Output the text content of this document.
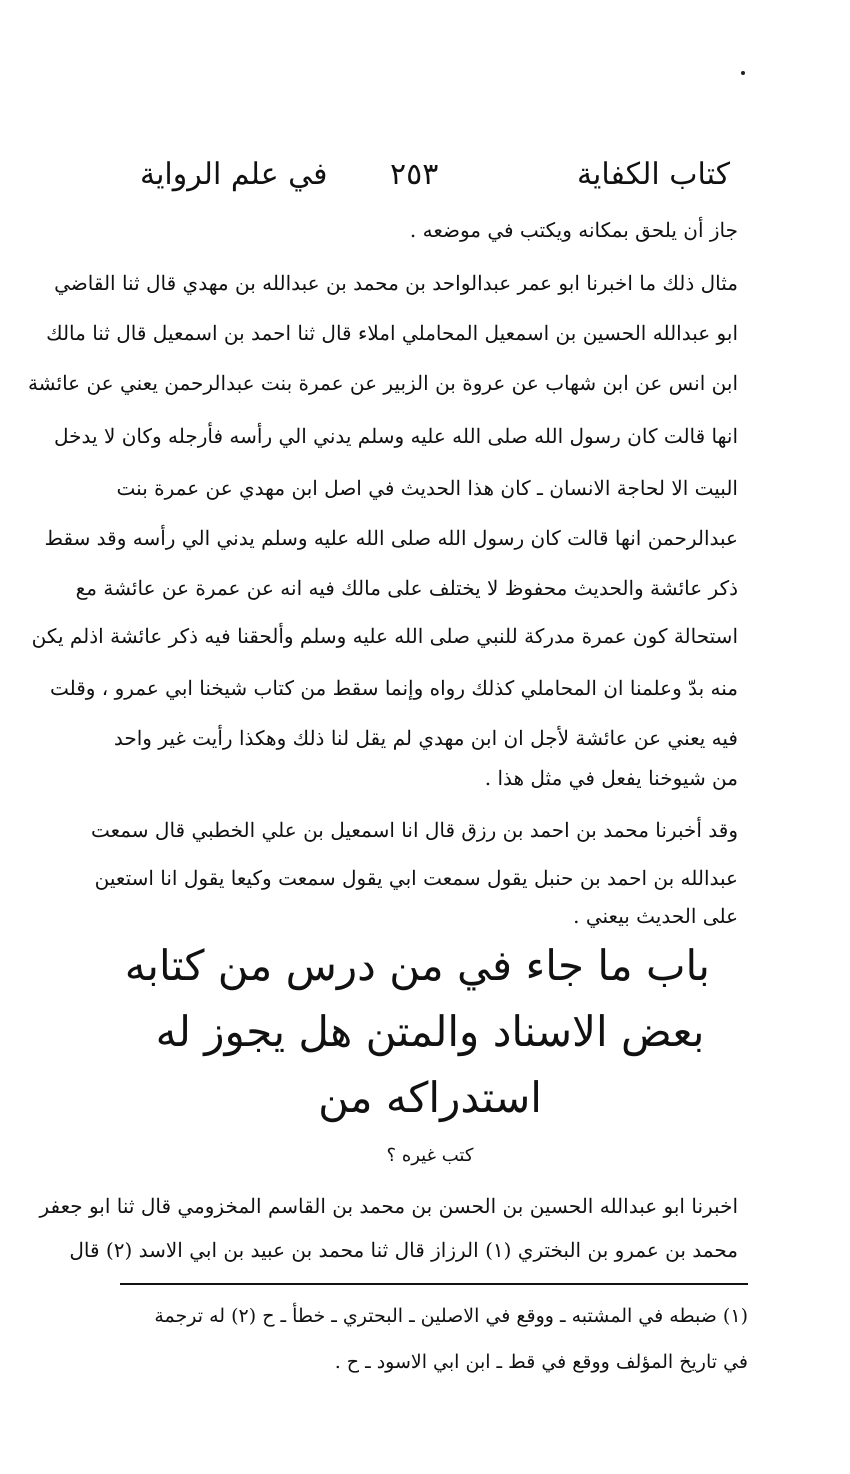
كتاب الكفاية
٢٥٣
في علم الرواية
جاز أن يلحق بمكانه ويكتب في موضعه .
مثال ذلك ما اخبرنا ابو عمر عبدالواحد بن محمد بن عبدالله بن مهدي قال ثنا القاضي
ابو عبدالله الحسين بن اسمعيل المحاملي املاء قال ثنا احمد بن اسمعيل قال ثنا مالك
ابن انس عن ابن شهاب عن عروة بن الزبير عن عمرة بنت عبدالرحمن يعني عن عائشة
انها قالت كان رسول الله صلى الله عليه وسلم يدني الي رأسه فأرجله وكان لا يدخل
البيت الا لحاجة الانسان ـ كان هذا الحديث في اصل ابن مهدي عن عمرة بنت
عبدالرحمن انها قالت كان رسول الله صلى الله عليه وسلم يدني الي رأسه وقد سقط
ذكر عائشة والحديث محفوظ لا يختلف على مالك فيه انه عن عمرة عن عائشة مع
استحالة كون عمرة مدركة للنبي صلى الله عليه وسلم وألحقنا فيه ذكر عائشة اذلم يكن
منه بدّ وعلمنا ان المحاملي كذلك رواه وإنما سقط من كتاب شيخنا ابي عمرو ، وقلت
فيه يعني عن عائشة لأجل ان ابن مهدي لم يقل لنا ذلك وهكذا رأيت غير واحد
من شيوخنا يفعل في مثل هذا .
وقد أخبرنا محمد بن احمد بن رزق قال انا اسمعيل بن علي الخطبي قال سمعت
عبدالله بن احمد بن حنبل يقول سمعت ابي يقول سمعت وكيعا يقول انا استعين
على الحديث بيعني .
باب ما جاء في من درس من كتابه
بعض الاسناد والمتن هل يجوز له
استدراكه من
كتب غيره ؟
اخبرنا ابو عبدالله الحسين بن الحسن بن محمد بن القاسم المخزومي قال ثنا ابو جعفر
محمد بن عمرو بن البختري (١) الرزاز قال ثنا محمد بن عبيد بن ابي الاسد (٢) قال
(١) ضبطه في المشتبه ـ ووقع في الاصلين ـ البحتري ـ خطأ ـ ح (٢) له ترجمة
في تاريخ المؤلف ووقع في قط ـ ابن ابي الاسود ـ ح .
